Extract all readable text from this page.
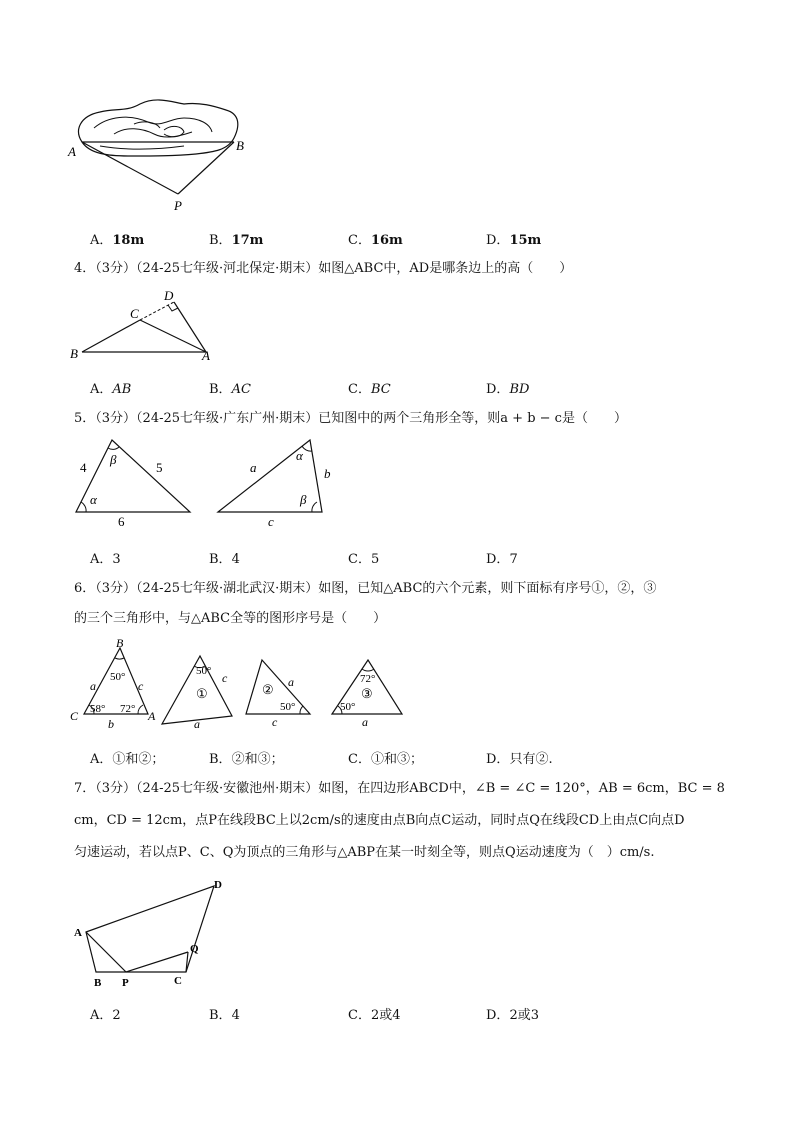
A	B
P
A．18m	B．17m	C．16m	D．15m
4．（3分）（24-25七年级·河北保定·期末）如图△ABC中，AD是哪条边上的高（　　）
B
C
D
A
A．AB	B．AC	C．BC	D．BD
5．（3分）（24-25七年级·广东广州·期末）已知图中的两个三角形全等，则a + b − c是（　　）
4	5
6
β
α
a	b
c
α
β
A．3	B．4	C．5	D．7
6．（3分）（24-25七年级·湖北武汉·期末）如图，已知△ABC的六个元素，则下面标有序号①，②，③
的三个三角形中，与△ABC全等的图形序号是（　　）
B
C	A
a	c
b
50°
58° 72°
50°
①
c
a
②
50°
a
c
72°
③
50°
a
A．①和②；	B．②和③；	C．①和③；	D．只有②.
7．（3分）（24-25七年级·安徽池州·期末）如图，在四边形ABCD中，∠B = ∠C = 120°，AB = 6cm，BC = 8
cm，CD = 12cm，点P在线段BC上以2cm/s的速度由点B向点C运动，同时点Q在线段CD上由点C向点D
匀速运动，若以点P、C、Q为顶点的三角形与△ABP在某一时刻全等，则点Q运动速度为（　）cm/s.
A
D
B P	C
Q
A．2	B．4	C．2或4	D．2或3
